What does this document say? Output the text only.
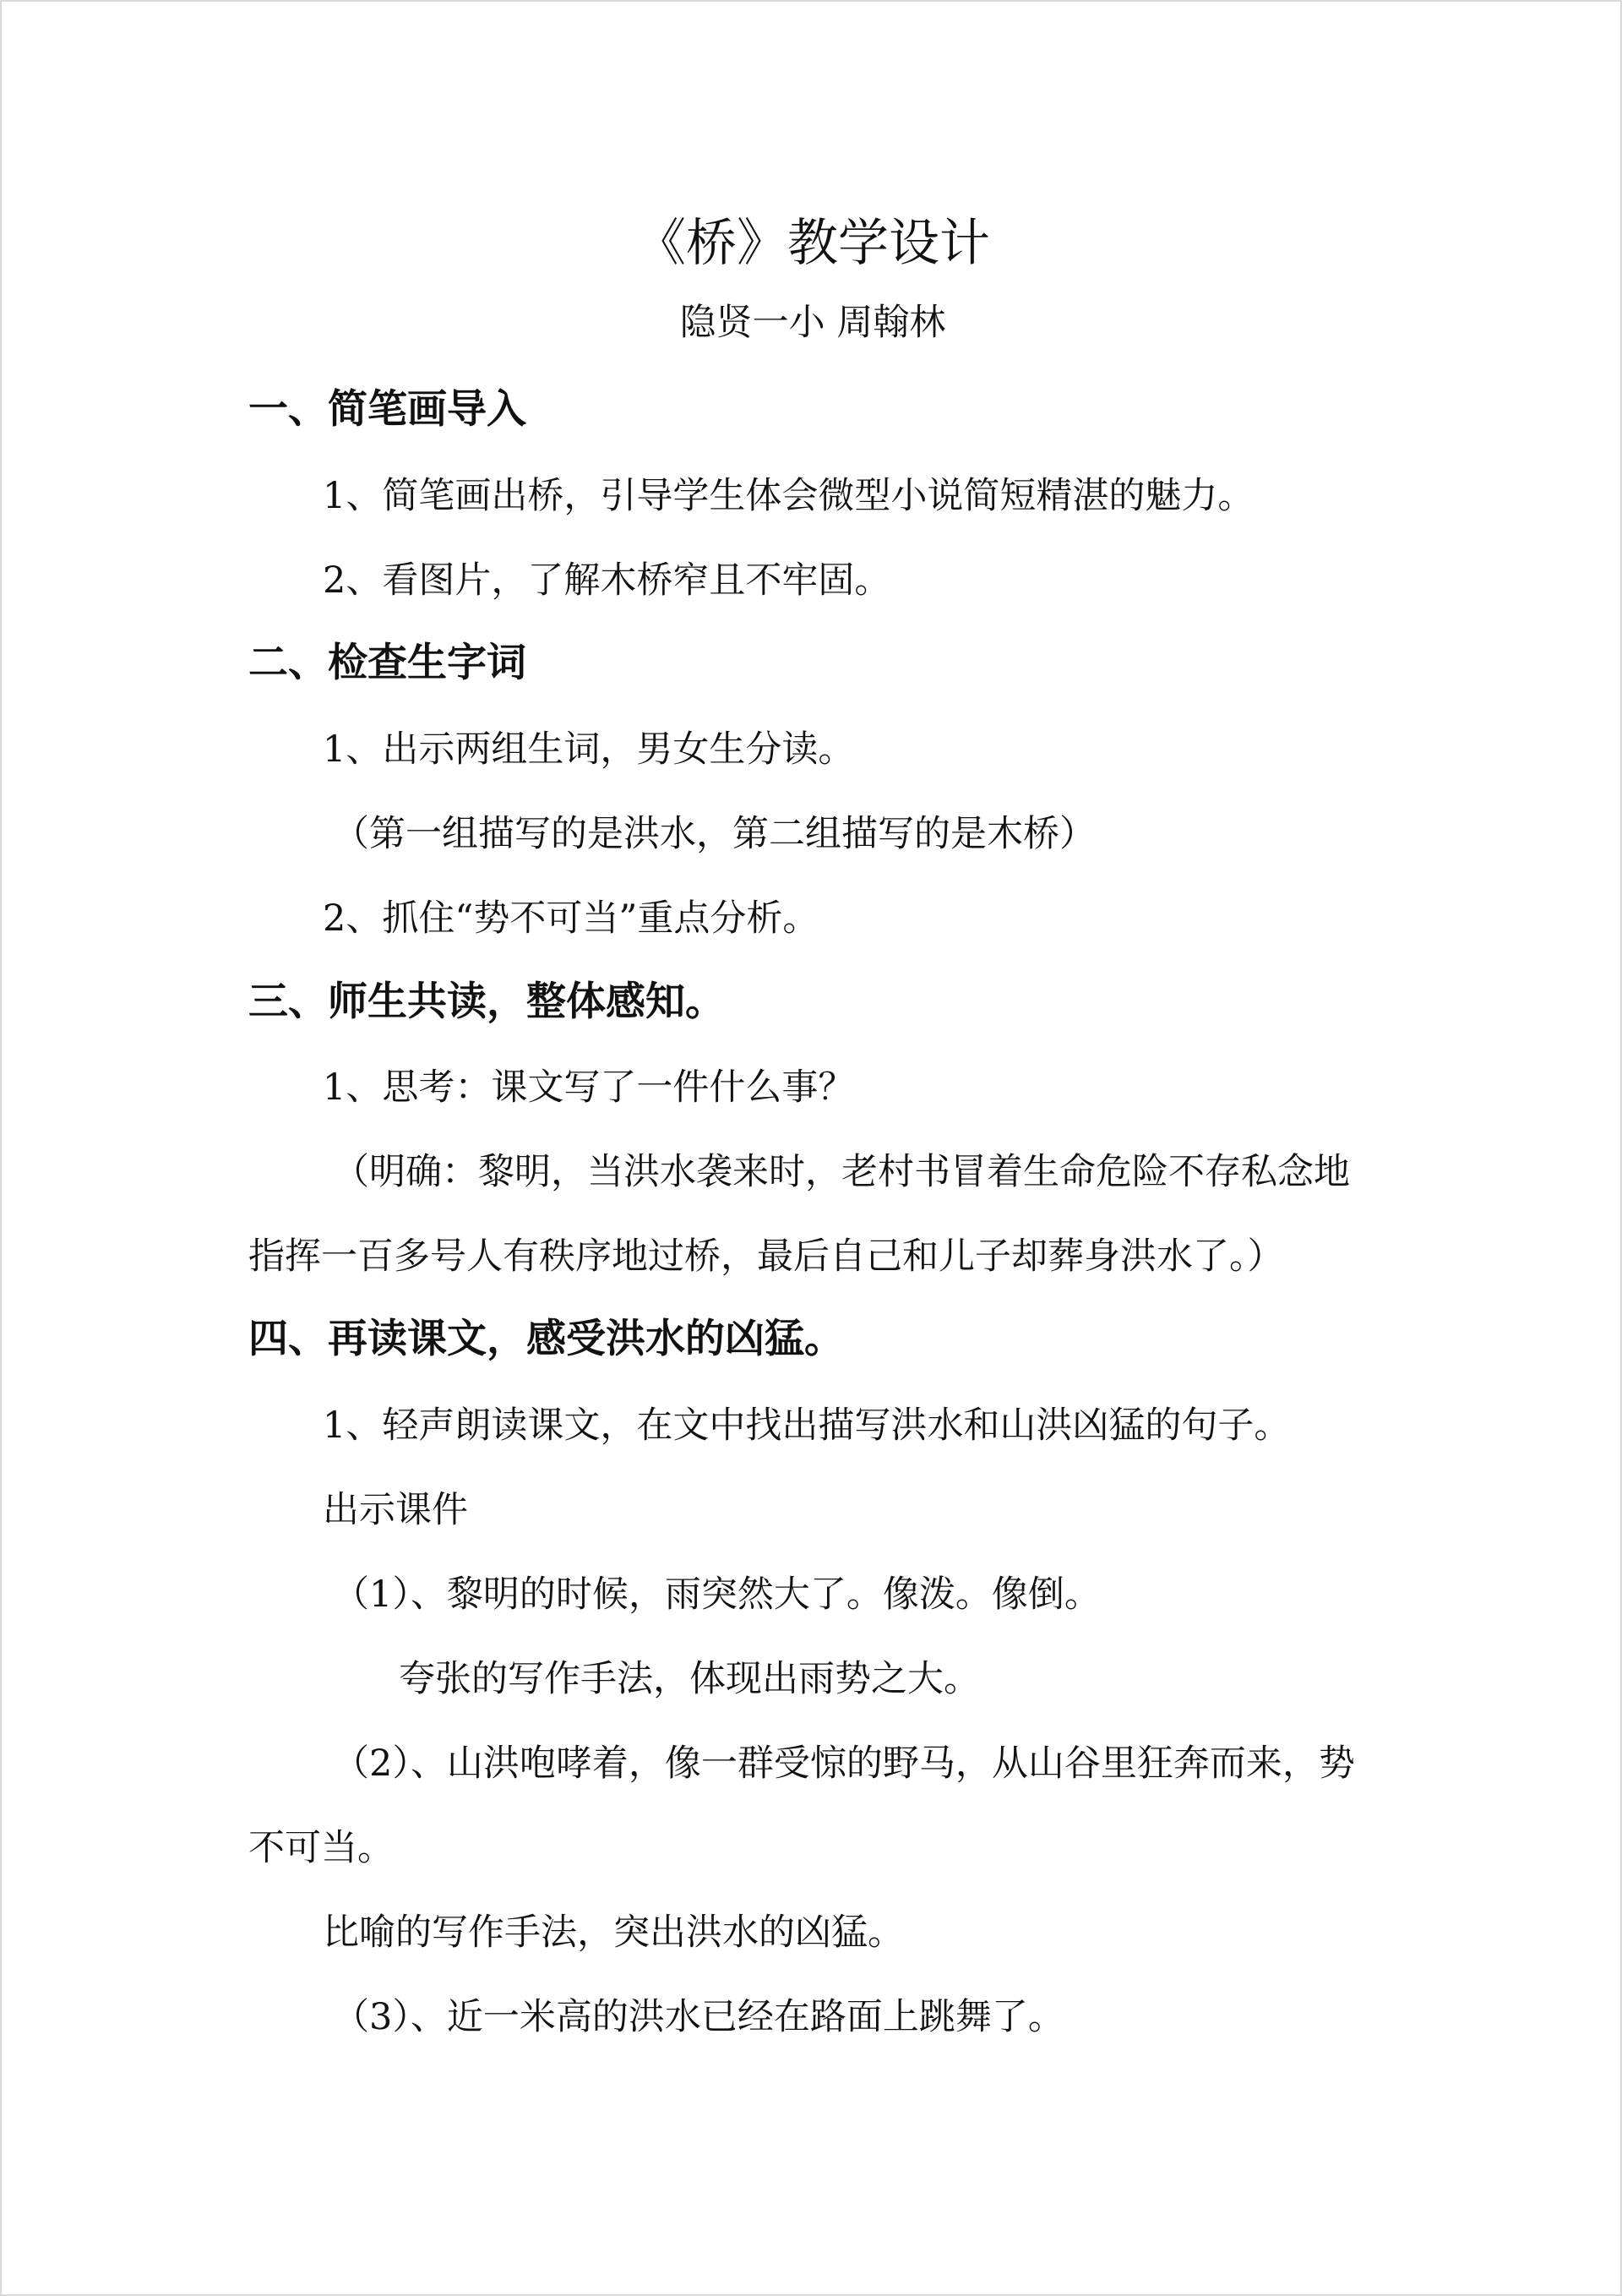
《桥》教学设计
隐贤一小 周翰林
一、简笔画导入
1、简笔画出桥，引导学生体会微型小说简短精湛的魅力。
2、看图片，了解木桥窄且不牢固。
二、检查生字词
1、出示两组生词，男女生分读。
（第一组描写的是洪水，第二组描写的是木桥）
2、抓住“势不可当”重点分析。
三、师生共读，整体感知。
1、思考：课文写了一件什么事？
（明确：黎明，当洪水袭来时，老村书冒着生命危险不存私念地
指挥一百多号人有秩序地过桥，最后自己和儿子却葬身洪水了。）
四、再读课文，感受洪水的凶猛。
1、轻声朗读课文，在文中找出描写洪水和山洪凶猛的句子。
出示课件
（1）、黎明的时候，雨突然大了。像泼。像倒。
夸张的写作手法，体现出雨势之大。
（2）、山洪咆哮着，像一群受惊的野马，从山谷里狂奔而来，势
不可当。
比喻的写作手法，突出洪水的凶猛。
（3）、近一米高的洪水已经在路面上跳舞了。
